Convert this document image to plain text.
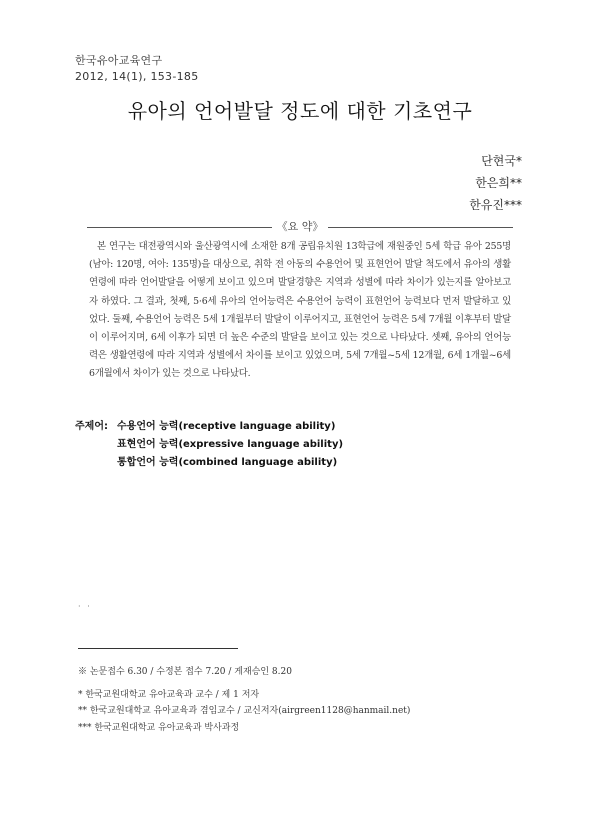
한국유아교육연구
2012, 14(1), 153-185
유아의 언어발달 정도에 대한 기초연구
단현국*
한은희**
한유진***
《요 약》
본 연구는 대전광역시와 울산광역시에 소재한 8개 공립유치원 13학급에 재원중인 5세 학급 유아 255명(남아: 120명, 여아: 135명)을 대상으로, 취학 전 아동의 수용언어 및 표현언어 발달 척도에서 유아의 생활연령에 따라 언어발달을 어떻게 보이고 있으며 발달경향은 지역과 성별에 따라 차이가 있는지를 알아보고자 하였다. 그 결과, 첫째, 5·6세 유아의 언어능력은 수용언어 능력이 표현언어 능력보다 먼저 발달하고 있었다. 둘째, 수용언어 능력은 5세 1개월부터 발달이 이루어지고, 표현언어 능력은 5세 7개월 이후부터 발달이 이루어지며, 6세 이후가 되면 더 높은 수준의 발달을 보이고 있는 것으로 나타났다. 셋째, 유아의 언어능력은 생활연령에 따라 지역과 성별에서 차이를 보이고 있었으며, 5세 7개월~5세 12개월, 6세 1개월~6세 6개월에서 차이가 있는 것으로 나타났다.
주제어: 수용언어 능력(receptive language ability)
표현언어 능력(expressive language ability)
통합언어 능력(combined language ability)
· ·
※ 논문접수 6.30 / 수정본 접수 7.20 / 게재승인 8.20
* 한국교원대학교 유아교육과 교수 / 제 1 저자
** 한국교원대학교 유아교육과 겸임교수 / 교신저자(airgreen1128@hanmail.net)
*** 한국교원대학교 유아교육과 박사과정
